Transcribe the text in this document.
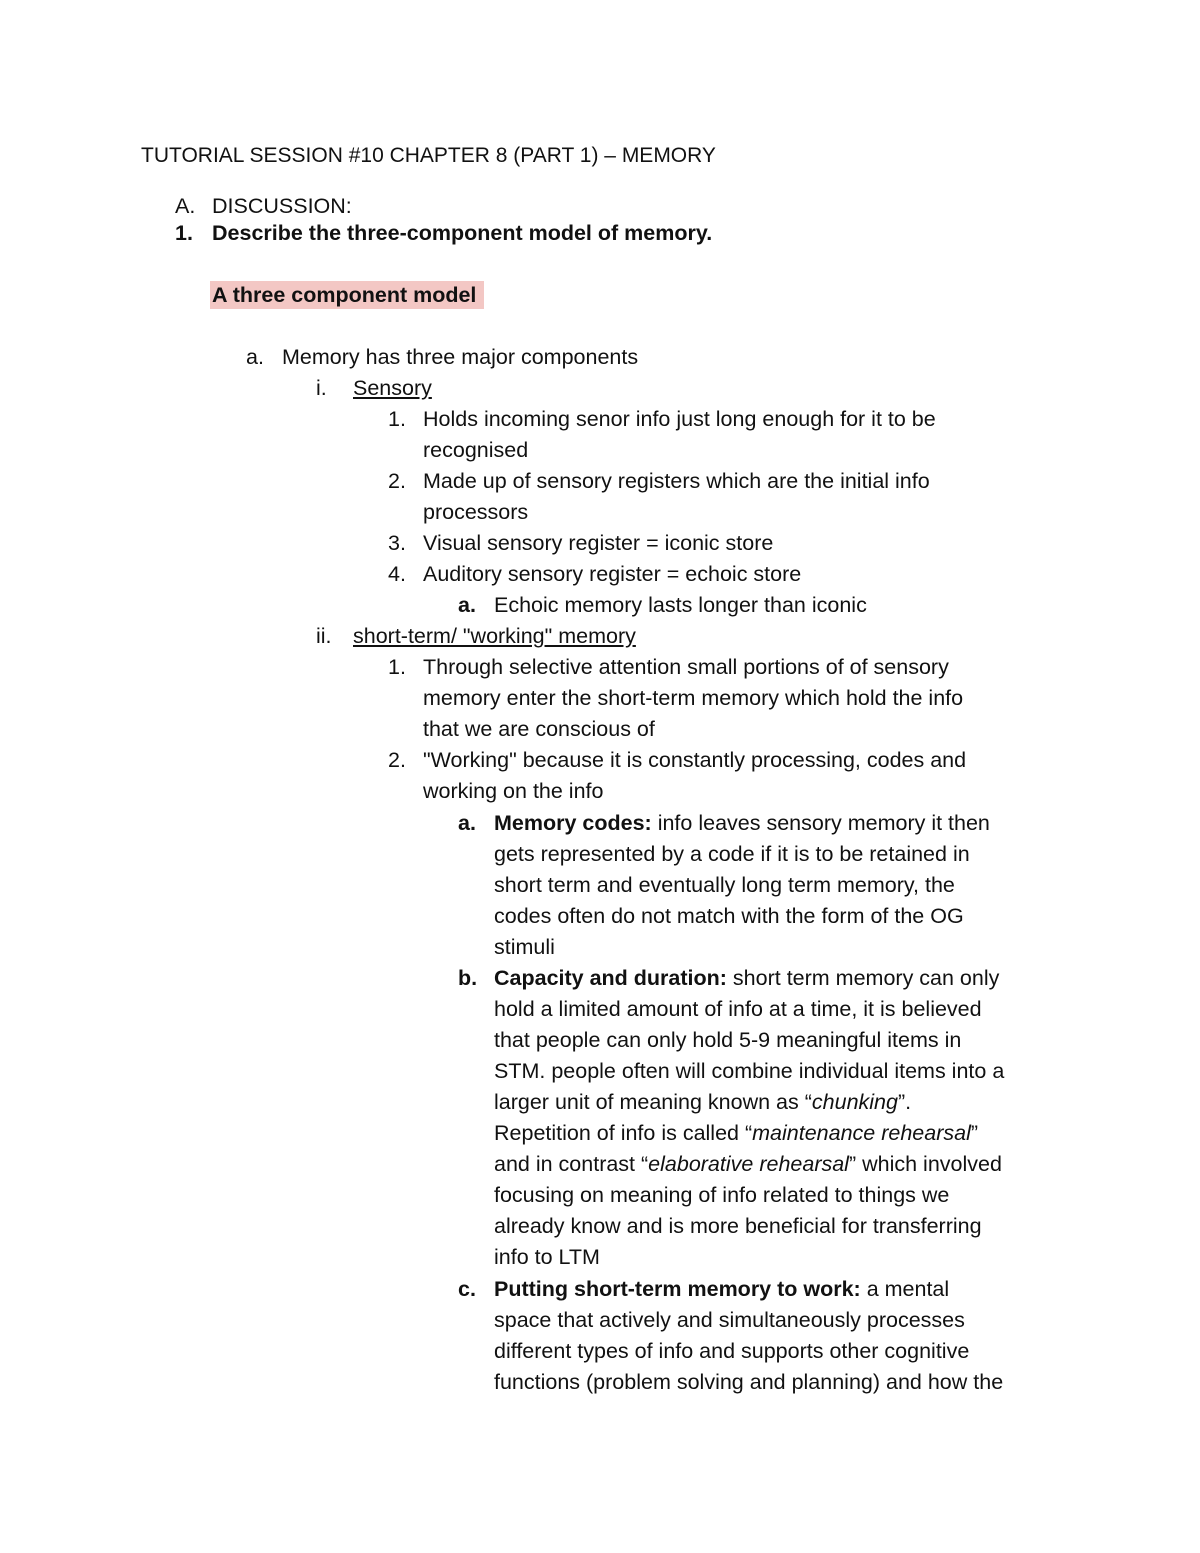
TUTORIAL SESSION #10 CHAPTER 8 (PART 1) – MEMORY
A. DISCUSSION:
1. Describe the three-component model of memory.
A three component model
a. Memory has three major components
i. Sensory
1. Holds incoming senor info just long enough for it to be
recognised
2. Made up of sensory registers which are the initial info
processors
3. Visual sensory register = iconic store
4. Auditory sensory register = echoic store
a. Echoic memory lasts longer than iconic
ii. short-term/ "working" memory
1. Through selective attention small portions of of sensory
memory enter the short-term memory which hold the info
that we are conscious of
2. "Working" because it is constantly processing, codes and
working on the info
a. Memory codes: info leaves sensory memory it then
gets represented by a code if it is to be retained in
short term and eventually long term memory, the
codes often do not match with the form of the OG
stimuli
b. Capacity and duration: short term memory can only
hold a limited amount of info at a time, it is believed
that people can only hold 5-9 meaningful items in
STM. people often will combine individual items into a
larger unit of meaning known as “chunking”.
Repetition of info is called “maintenance rehearsal”
and in contrast “elaborative rehearsal” which involved
focusing on meaning of info related to things we
already know and is more beneficial for transferring
info to LTM
c. Putting short-term memory to work: a mental
space that actively and simultaneously processes
different types of info and supports other cognitive
functions (problem solving and planning) and how the
